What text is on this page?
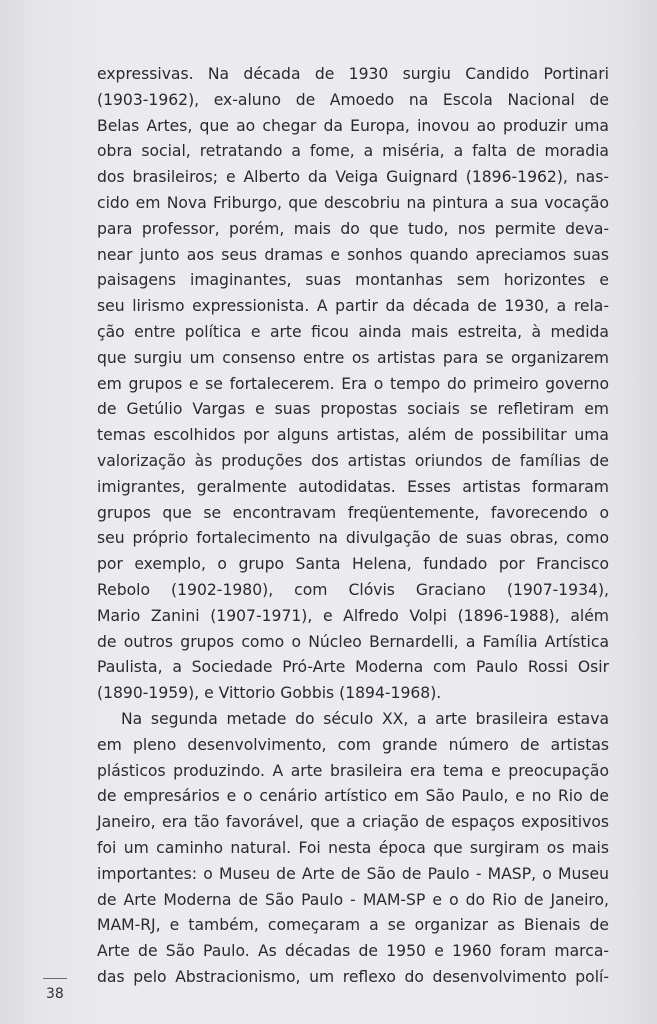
expressivas. Na década de 1930 surgiu Candido Portinari
(1903-1962), ex-aluno de Amoedo na Escola Nacional de
Belas Artes, que ao chegar da Europa, inovou ao produzir uma
obra social, retratando a fome, a miséria, a falta de moradia
dos brasileiros; e Alberto da Veiga Guignard (1896-1962), nas-
cido em Nova Friburgo, que descobriu na pintura a sua vocação
para professor, porém, mais do que tudo, nos permite deva-
near junto aos seus dramas e sonhos quando apreciamos suas
paisagens imaginantes, suas montanhas sem horizontes e
seu lirismo expressionista. A partir da década de 1930, a rela-
ção entre política e arte ficou ainda mais estreita, à medida
que surgiu um consenso entre os artistas para se organizarem
em grupos e se fortalecerem. Era o tempo do primeiro governo
de Getúlio Vargas e suas propostas sociais se refletiram em
temas escolhidos por alguns artistas, além de possibilitar uma
valorização às produções dos artistas oriundos de famílias de
imigrantes, geralmente autodidatas. Esses artistas formaram
grupos que se encontravam freqüentemente, favorecendo o
seu próprio fortalecimento na divulgação de suas obras, como
por exemplo, o grupo Santa Helena, fundado por Francisco
Rebolo (1902-1980), com Clóvis Graciano (1907-1934),
Mario Zanini (1907-1971), e Alfredo Volpi (1896-1988), além
de outros grupos como o Núcleo Bernardelli, a Família Artística
Paulista, a Sociedade Pró-Arte Moderna com Paulo Rossi Osir
(1890-1959), e Vittorio Gobbis (1894-1968).
Na segunda metade do século XX, a arte brasileira estava
em pleno desenvolvimento, com grande número de artistas
plásticos produzindo. A arte brasileira era tema e preocupação
de empresários e o cenário artístico em São Paulo, e no Rio de
Janeiro, era tão favorável, que a criação de espaços expositivos
foi um caminho natural. Foi nesta época que surgiram os mais
importantes: o Museu de Arte de São de Paulo - MASP, o Museu
de Arte Moderna de São Paulo - MAM-SP e o do Rio de Janeiro,
MAM-RJ, e também, começaram a se organizar as Bienais de
Arte de São Paulo. As décadas de 1950 e 1960 foram marca-
das pelo Abstracionismo, um reflexo do desenvolvimento polí-
38
